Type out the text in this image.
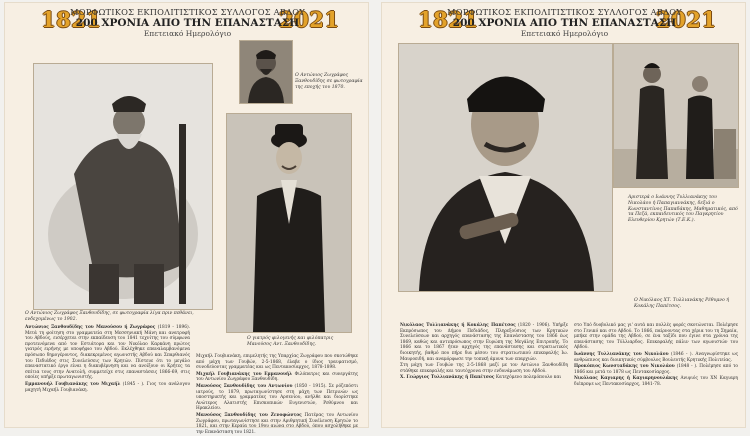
1821	2021
ΜΟΡΦΩΤΙΚΟΣ ΕΚΠΟΛΙΤΙΣΤΙΚΟΣ ΣΥΛΛΟΓΟΣ ΑΒΔΟΥ
200 ΧΡΟΝΙΑ ΑΠΟ ΤΗΝ ΕΠΑΝΑΣΤΑΣΗ
Επετειακό Ημερολόγιο
Ο Αντώνιος Ζωγράφος Ξανθουδίδης σε φωτογραφία της εποχής του 1870.
Ο γιατρός φιλογενής και φιλόπατρις Μανούσος Αντ. Ξανθουδίδης.
Ο Αντώνιος Ζωγράφος Ξανθουδίδης, σε φωτογραφία λίγα πριν πεθάνει, ενδεχομένως το 1902.

Αντώνιος Ξανθουδίδης του Μανούσου ή Ζωγράφος (1819 - 1896). Μετά τη φοίτηση στο γραμματεία στη Μεσσηνιακή Μάνη και ανατροφή του Αβδούς, εισέρχεται στην εκπαίδευση του 1841 τεχνίτης του σύμφωνα προτεινόμενα από τον Εστιάτορα και τον Νικόλαο Καρκάνη πρώτος γιατρός ειρήνης με υποψήφιο του Αβδού. Εκλέχθηκε επαναλαμβανόμενα πρόσωπο δημογέροντος, διακεκριμένος αγωνιστής Αβδού και Σπαρθιανός του Πεδιάδος στις Συνελεύσεις των Κρητών. Πίστευε ότι το μεγάλο επαναστατικό έργο είναι η διακυβέρνηση και να ανοίξουν οι Κρήτες τα σπίτια τους στην Ανατολή, συμμετείχε στις επαναστάσεις 1866-69, στις οποίες υπήρξε πρωταγωνιστής.

Εμμανουήλ Γουβιανάκης του Μιχαήλ (1845 - ). Γιος του ανάλογου μαχητή Μιχαήλ Γουβιανάκη.

Μιχαήλ Γουβιανάκη, επιμελητής της Υπαρχίας Ζωγράφου που σκοτώθηκε από μάχη των Γουβών, 2-5-1868, έλαβε ο ίδιος τραυματισμό, συνοδεύοντας γραμματέας και ως Πεντακοσίαρχος, 1878-1898.

Μιχαήλ Γουβιανάκης του Εμμανουήλ Φιλόπατρις και συνεργάτης του Αντωνίου Ζωγράφου Ξανθουδίδη.

Μανούσος Ξανθουδίδης του Αντωνίου (1850 - 1915). Σε ρόζεπόστι ιατρούς, το 1879, πρωταγωνίστησε στη μάχη των Πετρινών ως υποστηρικτής και γραμματέας του Αρσενίου, ανήλθε και διορίστηκε Ανώτερος Αλατιστής Επισκοπικών Ευγενιστών, Ρεθύμνου και Ηρακλείου.

Μανούσος Ξανθουδίδης του Ζενοφώντος Πατέρας του Αντωνίου Ζωγράφου, πρωταγωνίστησε και στην Αριθμητική Συνέλευση Κρητών το 1821, και στην Κεραία του 19ου αιώνα στο Αβδού, όπου ασχολήθηκε με την Επανάσταση του 1821.

1821	2021
ΜΟΡΦΩΤΙΚΟΣ ΕΚΠΟΛΙΤΙΣΤΙΚΟΣ ΣΥΛΛΟΓΟΣ ΑΒΔΟΥ
200 ΧΡΟΝΙΑ ΑΠΟ ΤΗΝ ΕΠΑΝΑΣΤΑΣΗ
Επετειακό Ημερολόγιο
Ο Νικόλαος ΧΤ. Τυλλιανάκης Ρέθυμνο ή Κοκάλης Παπέτσος.
Αριστερά ο Ιωάννης Τυλλιανάκης του Νικολάου ή Παπαγιαννάκης, δεξιά ο Κωνσταντίνος Παπαδάκης, Μαθηματικός, από τα Πεζά, εκπαιδευτικός του Παγκρητίου Ελευθερίου Κρητών (Τ.Ε.Κ.).

Νικόλαος Τυλλιανάκης ή Κοκάλης Παπέτσος (1820 - 1906). Υπήρξε Εκπρόσωπος του Δήμου Πεδιάδος, Πληρεξούσιος των Κρητικών Συνελεύσεων και αρχηγός επανάστασης της Επανάστασης του 1866 έως 1869, καθώς και αντιπρόσωπος στην Ευρώπη της Μεγάλης Επιτροπής. Το 1866 και το 1867 ήταν αρχηγός της επανάστασης και στρατιωτικός διοικητής, βαθμό που πήρε δια μέσου του στρατιωτικού επικεφαλής Ιω. Μαυροειδή, και αναμόρφωσε την τοπική άμυνα των επαρχιών.

Στη μάχη των Γουβών της 2-5-1868 μαζί με τον Αντώνιο Ξανθουδίδη στάθηκε επικεφαλής και ταυτόχρονα στην ενδυνάμωση του Αβδού.

Χ. Γεώργιος Τυλλιανάκης ή Παπέτσος Κατεχόμενο πολεμόπουλο και

στο Υπό δυοβολικό μας γι' αυτά και πολλές φορές σκοτώνεται. Πολέμησε στο Γενικό και στο Αβδού. Το 1866, παίρνοντας στα χέρια του τη Σημαία, μπήκε στην ομάδα της Αβδού, σε ένα ταξίδι που έγινε στα χρόνια της επανάστασης του Τύλλιαρδος. Επικεφαλής πάλιν των αγωνιστών του Αβδού.

Ιωάννης Τυλλιανάκης του Νικολάου (1846 - ). Αναγνωρίστηκε ως ανθρώπινος και διοικητικός σύμβουλος Βουλευτής Κρητικής Πολιτείας.

Προκόπιος Κωνσταδάκης του Νικολάου (1848 - ). Πολέμησε από το 1866 και μετά το 1878 ως Πεντακοσίαρχος.

Νικόλαος Καγιαρης ή Καγιαρηνουλάκης Ανιψιός του ΧΝ Καγιαρη διέπρεψε ως Πεντακοσίαρχος, 1841-78.
